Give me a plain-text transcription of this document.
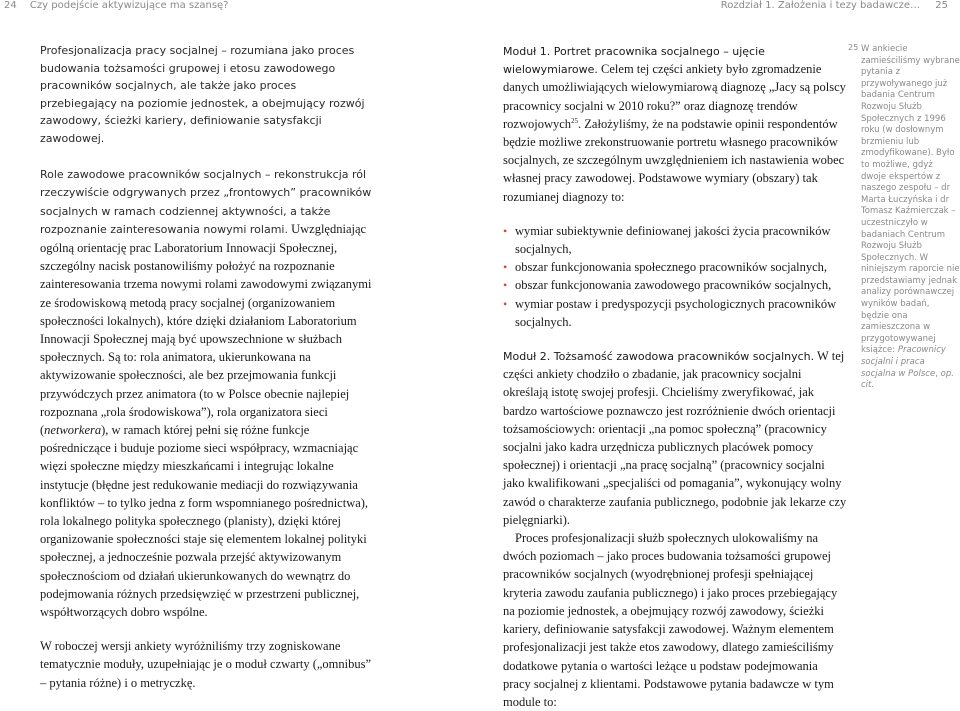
24 Czy podejście aktywizujące ma szansę?	Rozdział 1. Założenia i tezy badawcze… 25

Profesjonalizacja pracy socjalnej – rozumiana jako proces budowania tożsamości grupowej i etosu zawodowego pracowników socjalnych, ale także jako proces przebiegający na poziomie jednostek, a obejmujący rozwój zawodowy, ścieżki kariery, definiowanie satysfakcji zawodowej.

Role zawodowe pracowników socjalnych – rekonstrukcja ról rzeczywiście odgrywanych przez „frontowych” pracowników socjalnych w ramach codziennej aktywności, a także rozpoznanie zainteresowania nowymi rolami. Uwzględniając ogólną orientację prac Laboratorium Innowacji Społecznej, szczególny nacisk postanowiliśmy położyć na rozpoznanie zainteresowania trzema nowymi rolami zawodowymi związanymi ze środowiskową metodą pracy socjalnej (organizowaniem społeczności lokalnych), które dzięki działaniom Laboratorium Innowacji Społecznej mają być upowszechnione w służbach społecznych. Są to: rola animatora, ukierunkowana na aktywizowanie społeczności, ale bez przejmowania funkcji przywódczych przez animatora (to w Polsce obecnie najlepiej rozpoznana „rola środowiskowa”), rola organizatora sieci (networkera), w ramach której pełni się różne funkcje pośredniczące i buduje poziome sieci współpracy, wzmacniając więzi społeczne między mieszkańcami i integrując lokalne instytucje (błędne jest redukowanie mediacji do rozwiązywania konfliktów – to tylko jedna z form wspomnianego pośrednictwa), rola lokalnego polityka społecznego (planisty), dzięki której organizowanie społeczności staje się elementem lokalnej polityki społecznej, a jednocześnie pozwala przejść aktywizowanym społecznościom od działań ukierunkowanych do wewnątrz do podejmowania różnych przedsięwzięć w przestrzeni publicznej, współtworzących dobro wspólne.

W roboczej wersji ankiety wyróżniliśmy trzy zogniskowane tematycznie moduły, uzupełniając je o moduł czwarty („omnibus” – pytania różne) i o metryczkę.

Moduł 1. Portret pracownika socjalnego – ujęcie wielowymiarowe. Celem tej części ankiety było zgromadzenie danych umożliwiających wielowymiarową diagnozę „Jacy są polscy pracownicy socjalni w 2010 roku?” oraz diagnozę trendów rozwojowych$^{25}$. Założyliśmy, że na podstawie opinii respondentów będzie możliwe zrekonstruowanie portretu własnego pracowników socjalnych, ze szczególnym uwzględnieniem ich nastawienia wobec własnej pracy zawodowej. Podstawowe wymiary (obszary) tak rozumianej diagnozy to:

• wymiar subiektywnie definiowanej jakości życia pracowników socjalnych,
• obszar funkcjonowania społecznego pracowników socjalnych,
• obszar funkcjonowania zawodowego pracowników socjalnych,
• wymiar postaw i predyspozycji psychologicznych pracowników socjalnych.

Moduł 2. Tożsamość zawodowa pracowników socjalnych. W tej części ankiety chodziło o zbadanie, jak pracownicy socjalni określają istotę swojej profesji. Chcieliśmy zweryfikować, jak bardzo wartościowe poznawczo jest rozróżnienie dwóch orientacji tożsamościowych: orientacji „na pomoc społeczną” (pracownicy socjalni jako kadra urzędnicza publicznych placówek pomocy społecznej) i orientacji „na pracę socjalną” (pracownicy socjalni jako kwalifikowani „specjaliści od pomagania”, wykonujący wolny zawód o charakterze zaufania publicznego, podobnie jak lekarze czy pielęgniarki).

Proces profesjonalizacji służb społecznych ulokowaliśmy na dwóch poziomach – jako proces budowania tożsamości grupowej pracowników socjalnych (wyodrębnionej profesji spełniającej kryteria zawodu zaufania publicznego) i jako proces przebiegający na poziomie jednostek, a obejmujący rozwój zawodowy, ścieżki kariery, definiowanie satysfakcji zawodowej. Ważnym elementem profesjonalizacji jest także etos zawodowy, dlatego zamieściliśmy dodatkowe pytania o wartości leżące u podstaw podejmowania pracy socjalnej z klientami. Podstawowe pytania badawcze w tym module to:

25 W ankiecie zamieściliśmy wybrane pytania z przywoływanego już badania Centrum Rozwoju Służb Społecznych z 1996 roku (w dosłownym brzmieniu lub zmodyfikowane). Było to możliwe, gdyż dwoje ekspertów z naszego zespołu – dr Marta Łuczyńska i dr Tomasz Kaźmierczak – uczestniczyło w badaniach Centrum Rozwoju Służb Społecznych. W niniejszym raporcie nie przedstawiamy jednak analizy porównawczej wyników badań, będzie ona zamieszczona w przygotowywanej książce: Pracownicy socjalni i praca socjalna w Polsce, op. cit.
